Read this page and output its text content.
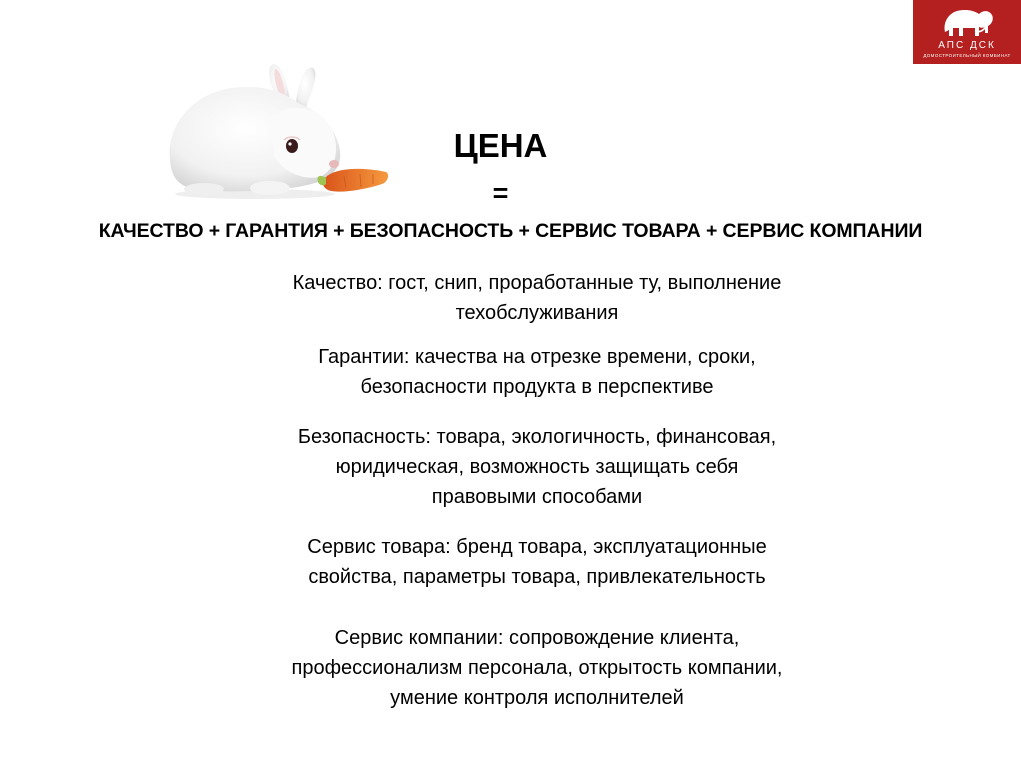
АПС ДСК
ДОМОСТРОИТЕЛЬНЫЙ КОМБИНАТ
ЦЕНА
=
КАЧЕСТВО + ГАРАНТИЯ + БЕЗОПАСНОСТЬ + СЕРВИС ТОВАРА + СЕРВИС КОМПАНИИ
Качество: гост, снип, проработанные ту, выполнение
техобслуживания
Гарантии: качества на отрезке времени, сроки,
безопасности продукта в перспективе
Безопасность: товара, экологичность, финансовая,
юридическая, возможность защищать себя
правовыми способами
Сервис товара: бренд товара, эксплуатационные
свойства, параметры товара, привлекательность
Сервис компании: сопровождение клиента,
профессионализм персонала, открытость компании,
умение контроля исполнителей
